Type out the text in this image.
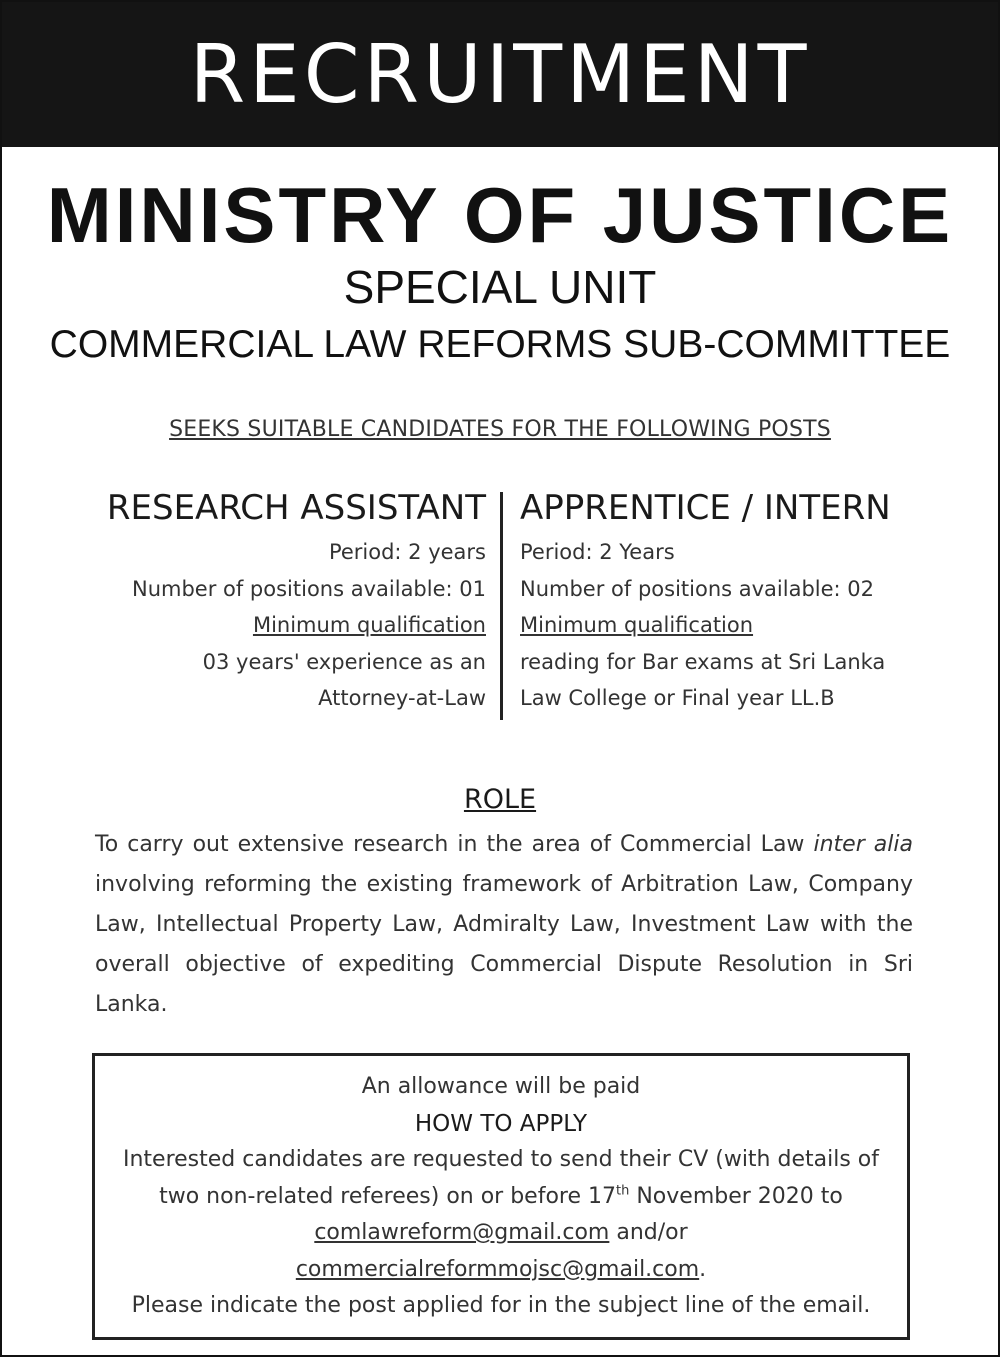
RECRUITMENT
MINISTRY OF JUSTICE
SPECIAL UNIT
COMMERCIAL LAW REFORMS SUB-COMMITTEE
SEEKS SUITABLE CANDIDATES FOR THE FOLLOWING POSTS
RESEARCH ASSISTANT
Period: 2 years
Number of positions available: 01
Minimum qualification
03 years' experience as an
Attorney-at-Law
APPRENTICE / INTERN
Period: 2 Years
Number of positions available: 02
Minimum qualification
reading for Bar exams at Sri Lanka
Law College or Final year LL.B
ROLE
To carry out extensive research in the area of Commercial Law inter alia involving reforming the existing framework of Arbitration Law, Company Law, Intellectual Property Law, Admiralty Law, Investment Law with the overall objective of expediting Commercial Dispute Resolution in Sri Lanka.
An allowance will be paid
HOW TO APPLY
Interested candidates are requested to send their CV (with details of
two non-related referees) on or before 17th November 2020 to
comlawreform@gmail.com and/or
commercialreformmojsc@gmail.com.
Please indicate the post applied for in the subject line of the email.
